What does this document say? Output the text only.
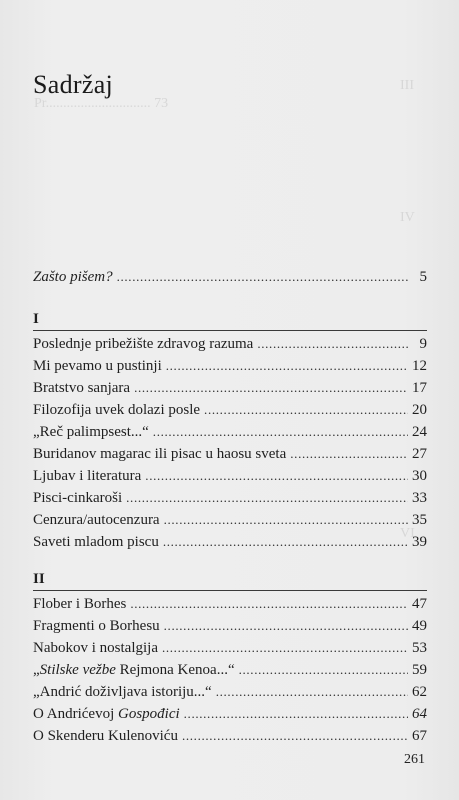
III
Pr.............................. 73
IV
VI
Sadržaj
Zašto pišem? . . .	5
I
Poslednje pribežište zdravog razuma . . .	9
Mi pevamo u pustinji . . .	12
Bratstvo sanjara . . .	17
Filozofija uvek dolazi posle . . .	20
„Reč palimpsest...“ . . .	24
Buridanov magarac ili pisac u haosu sveta . . .	27
Ljubav i literatura . . .	30
Pisci-cinkaroši . . .	33
Cenzura/autocenzura . . .	35
Saveti mladom piscu . . .	39
II
Flober i Borhes . . .	47
Fragmenti o Borhesu . . .	49
Nabokov i nostalgija . . .	53
„Stilske vežbe Rejmona Kenoa...“ . . .	59
„Andrić doživljava istoriju...“ . . .	62
O Andrićevoj Gospođici . . .	64
O Skenderu Kulenoviću . . .	67
261
